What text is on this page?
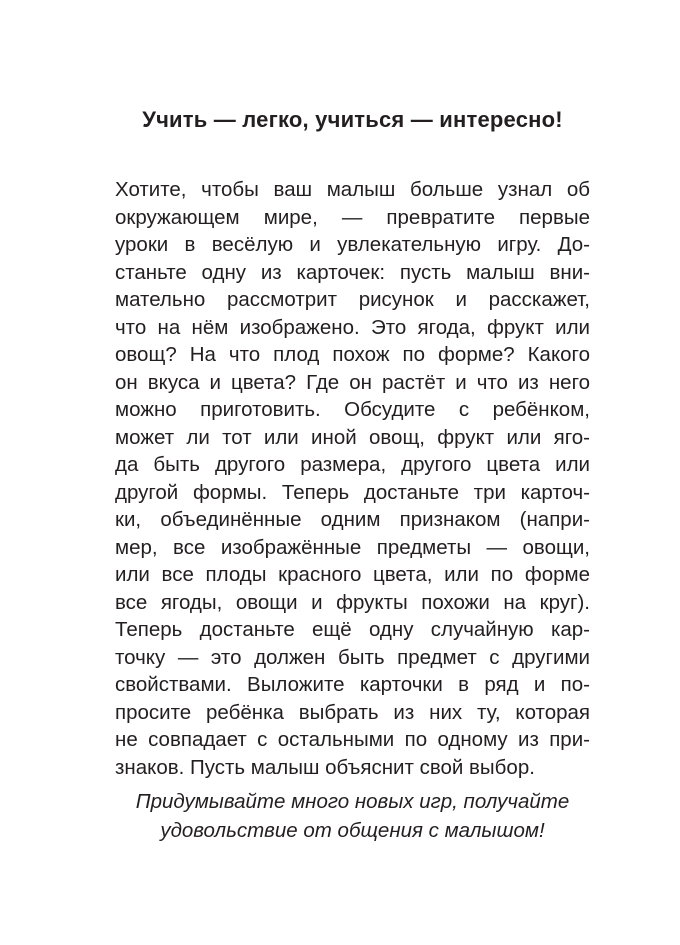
Учить — легко, учиться — интересно!
Хотите, чтобы ваш малыш больше узнал об
окружающем мире, — превратите первые
уроки в весёлую и увлекательную игру. До-
станьте одну из карточек: пусть малыш вни-
мательно рассмотрит рисунок и расскажет,
что на нём изображено. Это ягода, фрукт или
овощ? На что плод похож по форме? Какого
он вкуса и цвета? Где он растёт и что из него
можно приготовить. Обсудите с ребёнком,
может ли тот или иной овощ, фрукт или яго-
да быть другого размера, другого цвета или
другой формы. Теперь достаньте три карточ-
ки, объединённые одним признаком (напри-
мер, все изображённые предметы — овощи,
или все плоды красного цвета, или по форме
все ягоды, овощи и фрукты похожи на круг).
Теперь достаньте ещё одну случайную кар-
точку — это должен быть предмет с другими
свойствами. Выложите карточки в ряд и по-
просите ребёнка выбрать из них ту, которая
не совпадает с остальными по одному из при-
знаков. Пусть малыш объяснит свой выбор.

Придумывайте много новых игр, получайте
удовольствие от общения с малышом!
